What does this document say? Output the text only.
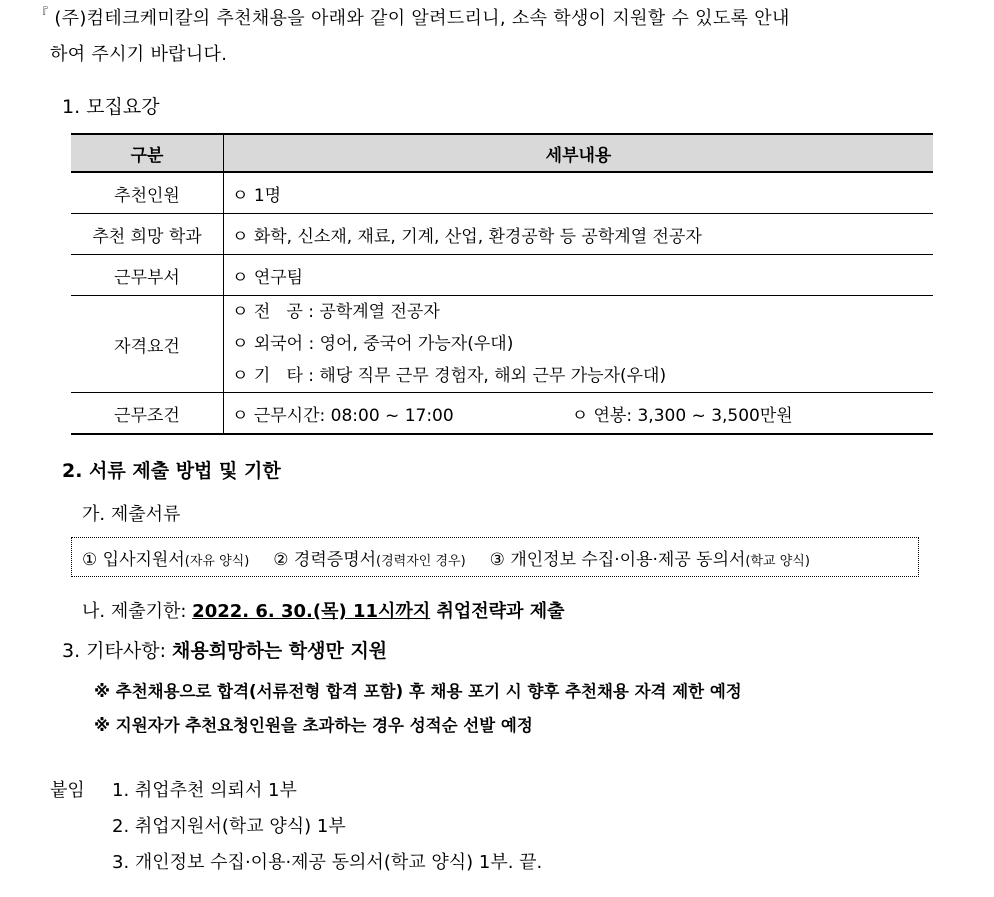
『 (주)컴테크케미칼의 추천채용을 아래와 같이 알려드리니, 소속 학생이 지원할 수 있도록 안내
하여 주시기 바랍니다.
1. 모집요강
구분	세부내용
추천인원	ㅇ 1명
추천 희망 학과	ㅇ 화학, 신소재, 재료, 기계, 산업, 환경공학 등 공학계열 전공자
근무부서	ㅇ 연구팀
자격요건	ㅇ 전   공 : 공학계열 전공자
ㅇ 외국어 : 영어, 중국어 가능자(우대)
ㅇ 기   타 : 해당 직무 근무 경험자, 해외 근무 가능자(우대)

근무조건	ㅇ 근무시간: 08:00 ~ 17:00 ㅇ 연봉: 3,300 ~ 3,500만원
2. 서류 제출 방법 및 기한
가. 제출서류
① 입사지원서(자유 양식) ② 경력증명서(경력자인 경우) ③ 개인정보 수집·이용·제공 동의서(학교 양식)
나. 제출기한: 2022. 6. 30.(목) 11시까지 취업전략과 제출
3. 기타사항: 채용희망하는 학생만 지원
※ 추천채용으로 합격(서류전형 합격 포함) 후 채용 포기 시 향후 추천채용 자격 제한 예정
※ 지원자가 추천요청인원을 초과하는 경우 성적순 선발 예정
붙임 1. 취업추천 의뢰서 1부
2. 취업지원서(학교 양식) 1부
3. 개인정보 수집·이용·제공 동의서(학교 양식) 1부. 끝.
